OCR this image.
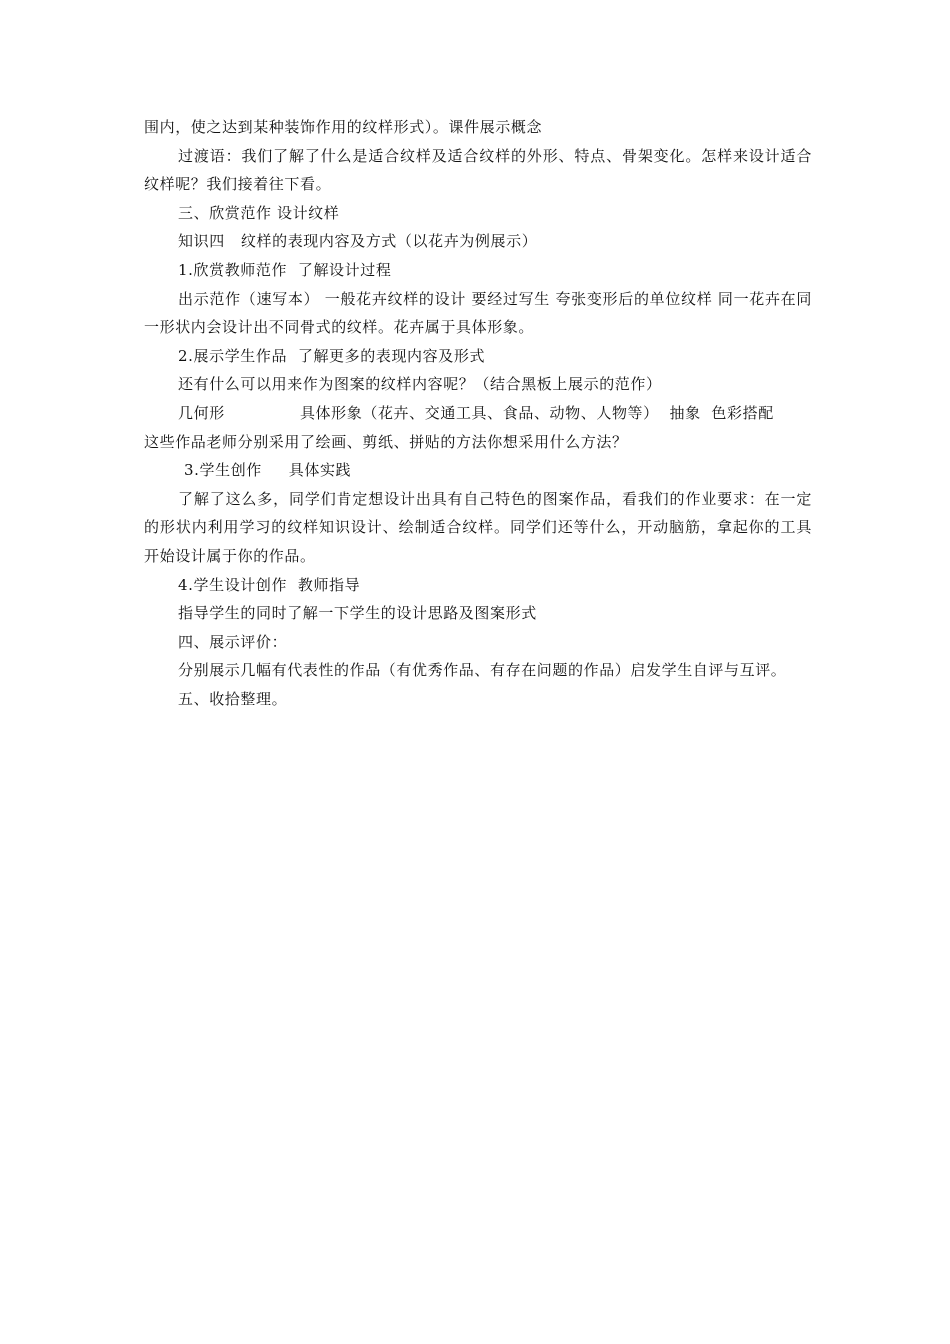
围内，使之达到某种装饰作用的纹样形式）。课件展示概念

过渡语：我们了解了什么是适合纹样及适合纹样的外形、特点、骨架变化。怎样来设计适合纹样呢？我们接着往下看。

三、欣赏范作 设计纹样

知识四   纹样的表现内容及方式（以花卉为例展示）

1.欣赏教师范作  了解设计过程

出示范作（速写本） 一般花卉纹样的设计 要经过写生 夸张变形后的单位纹样 同一花卉在同一形状内会设计出不同骨式的纹样。花卉属于具体形象。

2.展示学生作品  了解更多的表现内容及形式

还有什么可以用来作为图案的纹样内容呢？（结合黑板上展示的范作）

几何形              具体形象（花卉、交通工具、食品、动物、人物等）  抽象  色彩搭配

这些作品老师分别采用了绘画、剪纸、拼贴的方法你想采用什么方法？

3.学生创作     具体实践

了解了这么多，同学们肯定想设计出具有自己特色的图案作品，看我们的作业要求：在一定的形状内利用学习的纹样知识设计、绘制适合纹样。同学们还等什么，开动脑筋，拿起你的工具开始设计属于你的作品。

4.学生设计创作  教师指导

指导学生的同时了解一下学生的设计思路及图案形式

四、展示评价：

分别展示几幅有代表性的作品（有优秀作品、有存在问题的作品）启发学生自评与互评。

五、收拾整理。
